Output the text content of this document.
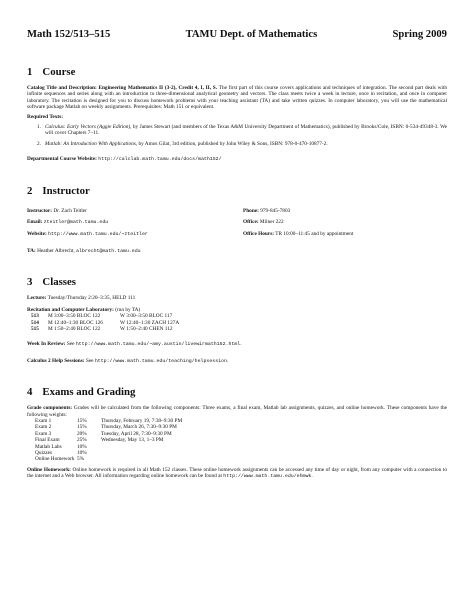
Math 152/513–515	TAMU Dept. of Mathematics	Spring 2009
1 Course

Catalog Title and Description: Engineering Mathematics II (3-2), Credit 4, I, II, S. The first part of this course covers applications and techniques of integration. The second part deals with infinite sequences and series along with an introduction to three-dimensional analytical geometry and vectors. The class meets twice a week in lecture, once in recitation, and once in computer laboratory. The recitation is designed for you to discuss homework problems with your teaching assistant (TA) and take written quizzes. In computer laboratory, you will use the mathematical software package Matlab on weekly assignments. Prerequisites: Math 151 or equivalent.

Required Texts:

1. Calculus: Early Vectors (Aggie Edition), by James Stewart (and members of the Texas A&M University Department of Mathematics), published by Brooks/Cole, ISBN: 0-534-49348-3. We will cover Chapters 7–11.
2. Matlab: An Introduction With Applications, by Amos Gilat, 3rd edition, published by John Wiley & Sons, ISBN: 978-0-470-10877-2.

Departmental Course Website: http://calclab.math.tamu.edu/docs/math152/

2 Instructor
Instructor: Dr. Zach Teitler	Phone: 979-845-7803
Email: zteitler@math.tamu.edu	Office: Milner 222
Website: http://www.math.tamu.edu/~zteitler	Office Hours: TR 10:00–11:45 and by appointment

TA: Heather Albrecht, albrecht@math.tamu.edu

3 Classes

Lecture: Tuesday/Thursday 2:20–3:35, HELD 111

Recitation and Computer Laboratory: (run by TA)

513	M 3:00–3:50 BLOC 122	W 3:00–3:50 BLOC 117
514	M 12:40–1:30 BLOC 126	W 12:40–1:30 ZACH 127A
515	M 1:50–2:40 BLOC 122	W 1:50–2:40 CHEN 112

Week In Review: See http://www.math.tamu.edu/~amy.austin/livewirmath152.html.

Calculus 2 Help Sessions: See http://www.math.tamu.edu/teaching/helpsession.

4 Exams and Grading

Grade components: Grades will be calculated from the following components: Three exams, a final exam, Matlab lab assignments, quizzes, and online homework. These components have the following weights:

Exam 1	15%	Thursday, February 19, 7:30–9:30 PM
Exam 2	15%	Thursday, March 26, 7:30–9:30 PM
Exam 3	20%	Tuesday, April 28, 7:30–9:30 PM
Final Exam	25%	Wednesday, May 13, 1–3 PM
Matlab Labs	10%
Quizzes	10%
Online Homework 5%

Online Homework: Online homework is required in all Math 152 classes. These online homework assignments can be accessed any time of day or night, from any computer with a connection to the internet and a Web browser. All information regarding online homework can be found at http://www.math.tamu.edu/ehmwk.
